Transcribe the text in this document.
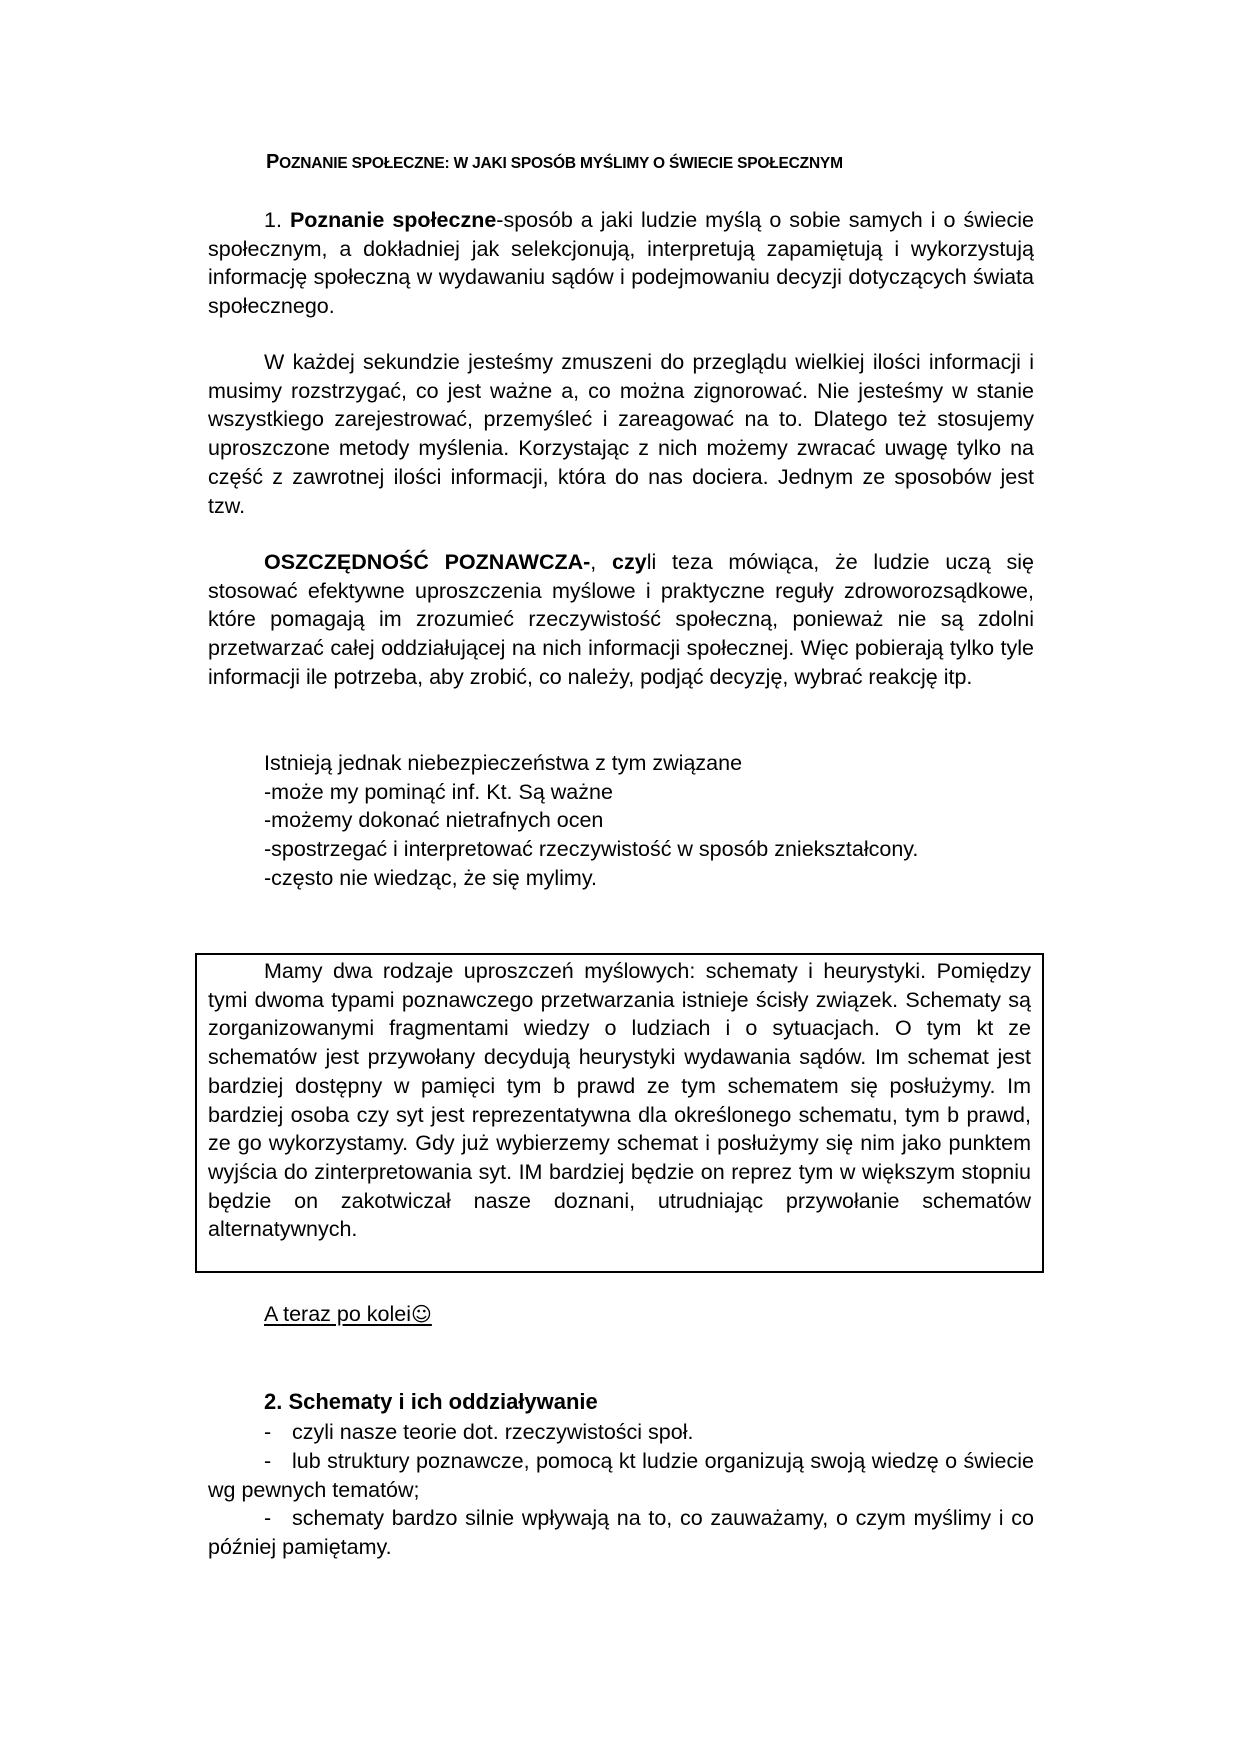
POZNANIE SPOŁECZNE: W JAKI SPOSÓB MYŚLIMY O ŚWIECIE SPOŁECZNYM

1. Poznanie społeczne-sposób a jaki ludzie myślą o sobie samych i o świecie społecznym, a dokładniej jak selekcjonują, interpretują zapamiętują i wykorzystują informację społeczną w wydawaniu sądów i podejmowaniu decyzji dotyczących świata społecznego.

W każdej sekundzie jesteśmy zmuszeni do przeglądu wielkiej ilości informacji i musimy rozstrzygać, co jest ważne a, co można zignorować. Nie jesteśmy w stanie wszystkiego zarejestrować, przemyśleć i zareagować na to. Dlatego też stosujemy uproszczone metody myślenia. Korzystając z nich możemy zwracać uwagę tylko na część z zawrotnej ilości informacji, która do nas dociera. Jednym ze sposobów jest tzw.

OSZCZĘDNOŚĆ POZNAWCZA-, czyli teza mówiąca, że ludzie uczą się stosować efektywne uproszczenia myślowe i praktyczne reguły zdroworozsądkowe, które pomagają im zrozumieć rzeczywistość społeczną, ponieważ nie są zdolni przetwarzać całej oddziałującej na nich informacji społecznej. Więc pobierają tylko tyle informacji ile potrzeba, aby zrobić, co należy, podjąć decyzję, wybrać reakcję itp.

Istnieją jednak niebezpieczeństwa z tym związane
-może my pominąć inf. Kt. Są ważne
-możemy dokonać nietrafnych ocen
-spostrzegać i interpretować rzeczywistość w sposób zniekształcony.
-często nie wiedząc, że się mylimy.

Mamy dwa rodzaje uproszczeń myślowych: schematy i heurystyki. Pomiędzy tymi dwoma typami poznawczego przetwarzania istnieje ścisły związek. Schematy są zorganizowanymi fragmentami wiedzy o ludziach i o sytuacjach. O tym kt ze schematów jest przywołany decydują heurystyki wydawania sądów. Im schemat jest bardziej dostępny w pamięci tym b prawd ze tym schematem się posłużymy. Im bardziej osoba czy syt jest reprezentatywna dla określonego schematu, tym b prawd, ze go wykorzystamy. Gdy już wybierzemy schemat i posłużymy się nim jako punktem wyjścia do zinterpretowania syt. IM bardziej będzie on reprez tym w większym stopniu będzie on zakotwiczał nasze doznani, utrudniając przywołanie schematów alternatywnych.

A teraz po kolei☺
2. Schematy i ich oddziaływanie

- czyli nasze teorie dot. rzeczywistości społ.

- lub struktury poznawcze, pomocą kt ludzie organizują swoją wiedzę o świecie wg pewnych tematów;

- schematy bardzo silnie wpływają na to, co zauważamy, o czym myślimy i co później pamiętamy.
